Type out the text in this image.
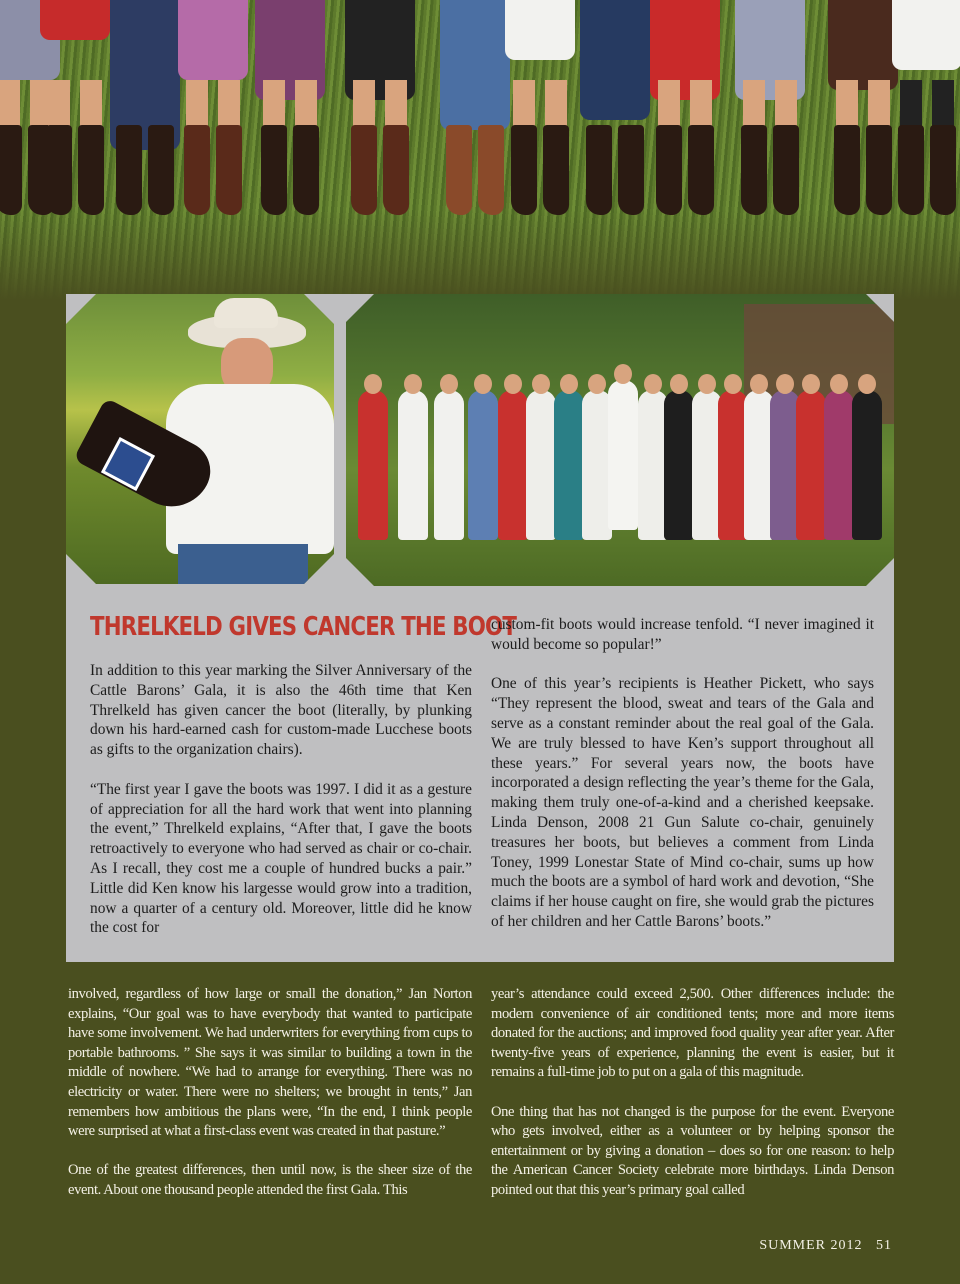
THRELKELD GIVES CANCER THE BOOT

In addition to this year marking the Silver Anniversary of the Cattle Barons’ Gala, it is also the 46th time that Ken Threlkeld has given cancer the boot (literally, by plunking down his hard-earned cash for custom-made Lucchese boots as gifts to the organization chairs).

“The first year I gave the boots was 1997. I did it as a gesture of appreciation for all the hard work that went into planning the event,” Threlkeld explains, “After that, I gave the boots retroactively to everyone who had served as chair or co-chair. As I recall, they cost me a couple of hundred bucks a pair.” Little did Ken know his largesse would grow into a tradition, now a quarter of a century old. Moreover, little did he know the cost for

custom-fit boots would increase tenfold. “I never imagined it would become so popular!”

One of this year’s recipients is Heather Pickett, who says “They represent the blood, sweat and tears of the Gala and serve as a constant reminder about the real goal of the Gala. We are truly blessed to have Ken’s support throughout all these years.” For several years now, the boots have incorporated a design reflecting the year’s theme for the Gala, making them truly one-of-a-kind and a cherished keepsake. Linda Denson, 2008 21 Gun Salute co-chair, genuinely treasures her boots, but believes a comment from Linda Toney, 1999 Lonestar State of Mind co-chair, sums up how much the boots are a symbol of hard work and devotion, “She claims if her house caught on fire, she would grab the pictures of her children and her Cattle Barons’ boots.”

involved, regardless of how large or small the donation,” Jan Norton explains, “Our goal was to have everybody that wanted to participate have some involvement. We had underwriters for everything from cups to portable bathrooms. ” She says it was similar to building a town in the middle of nowhere. “We had to arrange for everything. There was no electricity or water. There were no shelters; we brought in tents,” Jan remembers how ambitious the plans were, “In the end, I think people were surprised at what a first-class event was created in that pasture.”

One of the greatest differences, then until now, is the sheer size of the event. About one thousand people attended the first Gala. This

year’s attendance could exceed 2,500. Other differences include: the modern convenience of air conditioned tents; more and more items donated for the auctions; and improved food quality year after year. After twenty-five years of experience, planning the event is easier, but it remains a full-time job to put on a gala of this magnitude.

One thing that has not changed is the purpose for the event. Everyone who gets involved, either as a volunteer or by helping sponsor the entertainment or by giving a donation – does so for one reason: to help the American Cancer Society celebrate more birthdays. Linda Denson pointed out that this year’s primary goal called

SUMMER 2012   51
